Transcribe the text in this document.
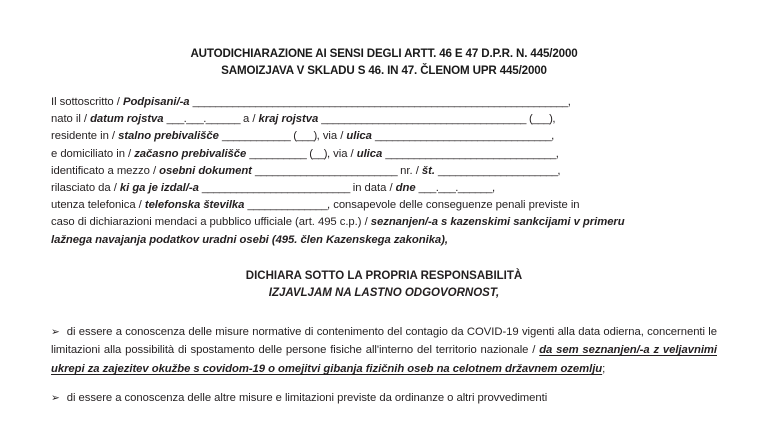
AUTODICHIARAZIONE AI SENSI DEGLI ARTT. 46 E 47 D.P.R. N. 445/2000
SAMOIZJAVA V SKLADU S 46. IN 47. ČLENOM UPR 445/2000
Il sottoscritto / Podpisani/-a __________________________________________________________________,
nato il / datum rojstva ___.___.______ a / kraj rojstva ____________________________________ (___),
residente in / stalno prebivališče ____________ (___), via / ulica _______________________________,
e domiciliato in / začasno prebivališče __________ (__), via / ulica ______________________________,
identificato a mezzo / osebni dokument _________________________ nr. / št. _____________________,
rilasciato da / ki ga je izdal/-a __________________________ in data / dne ___.___.______,
utenza telefonica / telefonska številka ______________, consapevole delle conseguenze penali previste in
caso di dichiarazioni mendaci a pubblico ufficiale (art. 495 c.p.) / seznanjen/-a s kazenskimi sankcijami v primeru
lažnega navajanja podatkov uradni osebi (495. člen Kazenskega zakonika),
DICHIARA SOTTO LA PROPRIA RESPONSABILITÀ
IZJAVLJAM NA LASTNO ODGOVORNOST,
➢ di essere a conoscenza delle misure normative di contenimento del contagio da COVID-19 vigenti alla data odierna, concernenti le limitazioni alla possibilità di spostamento delle persone fisiche all'interno del territorio nazionale / da sem seznanjen/-a z veljavnimi ukrepi za zajezitev okužbe s covidom-19 o omejitvi gibanja fizičnih oseb na celotnem državnem ozemlju;
➢ di essere a conoscenza delle altre misure e limitazioni previste da ordinanze o altri provvedimenti
